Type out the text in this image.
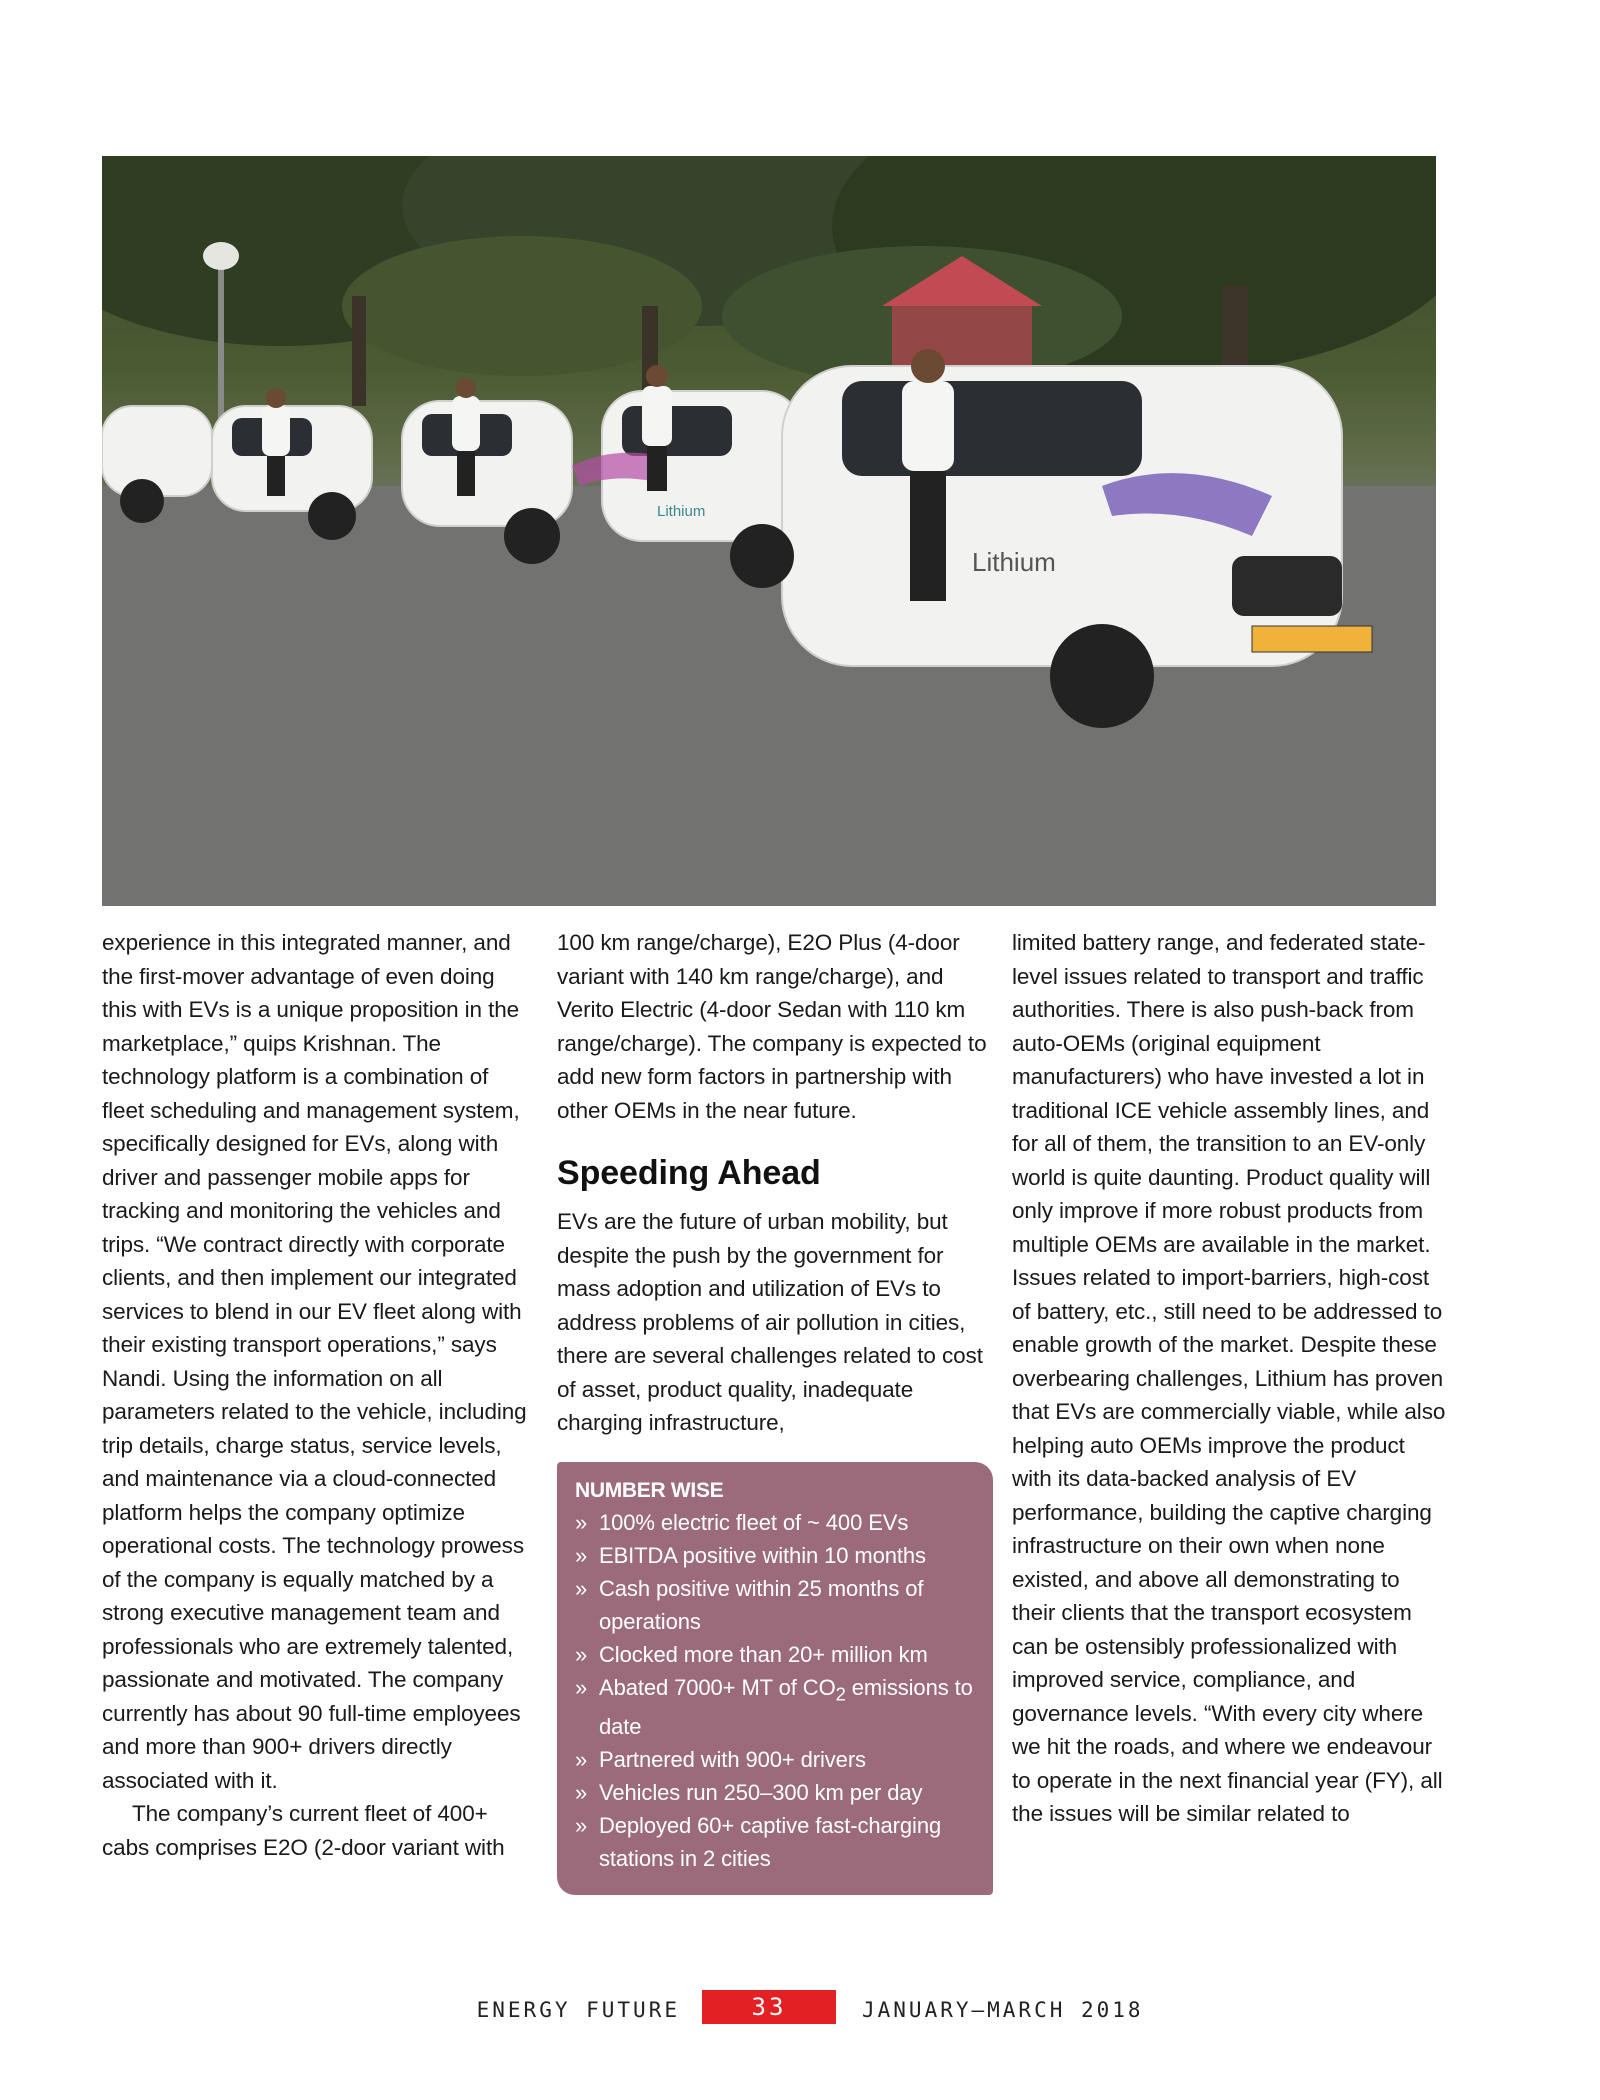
Lithium
Lithium

experience in this integrated manner, and the first-mover advantage of even doing this with EVs is a unique proposition in the marketplace,” quips Krishnan. The technology platform is a combination of fleet scheduling and management system, specifically designed for EVs, along with driver and passenger mobile apps for tracking and monitoring the vehicles and trips. “We contract directly with corporate clients, and then implement our integrated services to blend in our EV fleet along with their existing transport operations,” says Nandi. Using the information on all parameters related to the vehicle, including trip details, charge status, service levels, and maintenance via a cloud-connected platform helps the company optimize operational costs. The technology prowess of the company is equally matched by a strong executive management team and professionals who are extremely talented, passionate and motivated. The company currently has about 90 full-time employees and more than 900+ drivers directly associated with it.

The company’s current fleet of 400+ cabs comprises E2O (2-door variant with

100 km range/charge), E2O Plus (4-door variant with 140 km range/charge), and Verito Electric (4-door Sedan with 110 km range/charge). The company is expected to add new form factors in partnership with other OEMs in the near future.

Speeding Ahead

EVs are the future of urban mobility, but despite the push by the government for mass adoption and utilization of EVs to address problems of air pollution in cities, there are several challenges related to cost of asset, product quality, inadequate charging infrastructure,

NUMBER WISE
» 100% electric fleet of ~ 400 EVs
» EBITDA positive within 10 months
» Cash positive within 25 months of operations
» Clocked more than 20+ million km
» Abated 7000+ MT of $CO_2$ emissions to date
» Partnered with 900+ drivers
» Vehicles run 250–300 km per day
» Deployed 60+ captive fast-charging stations in 2 cities

limited battery range, and federated state-level issues related to transport and traffic authorities. There is also push-back from auto-OEMs (original equipment manufacturers) who have invested a lot in traditional ICE vehicle assembly lines, and for all of them, the transition to an EV-only world is quite daunting. Product quality will only improve if more robust products from multiple OEMs are available in the market. Issues related to import-barriers, high-cost of battery, etc., still need to be addressed to enable growth of the market. Despite these overbearing challenges, Lithium has proven that EVs are commercially viable, while also helping auto OEMs improve the product with its data-backed analysis of EV performance, building the captive charging infrastructure on their own when none existed, and above all demonstrating to their clients that the transport ecosystem can be ostensibly professionalized with improved service, compliance, and governance levels. “With every city where we hit the roads, and where we endeavour to operate in the next financial year (FY), all the issues will be similar related to

ENERGY FUTURE	33	JANUARY–MARCH 2018
